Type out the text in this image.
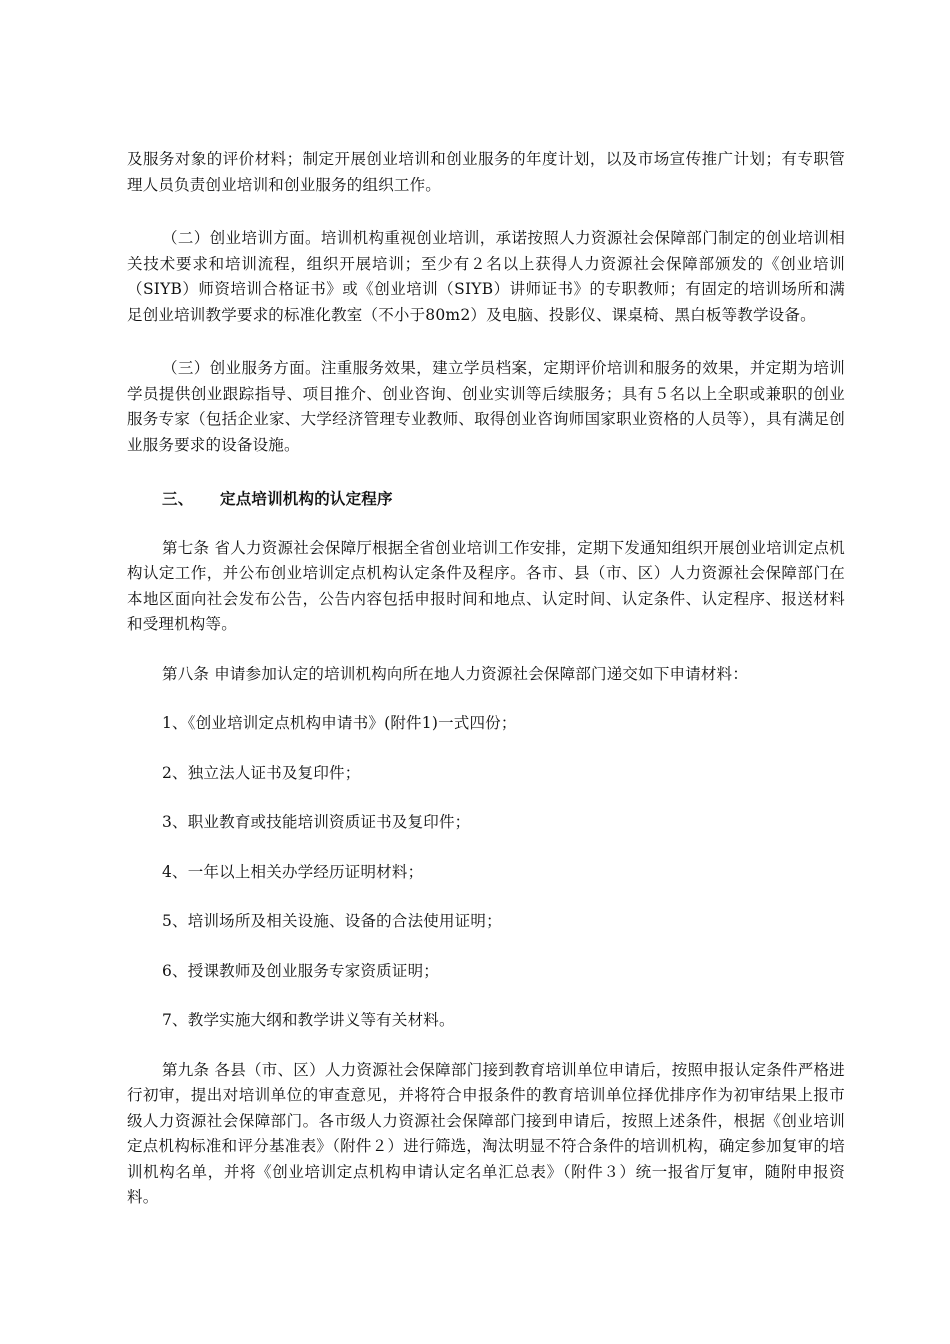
及服务对象的评价材料；制定开展创业培训和创业服务的年度计划，以及市场宣传推广计划；有专职管理人员负责创业培训和创业服务的组织工作。

（二）创业培训方面。培训机构重视创业培训，承诺按照人力资源社会保障部门制定的创业培训相关技术要求和培训流程，组织开展培训；至少有２名以上获得人力资源社会保障部颁发的《创业培训（SIYB）师资培训合格证书》或《创业培训（SIYB）讲师证书》的专职教师；有固定的培训场所和满足创业培训教学要求的标准化教室（不小于80m2）及电脑、投影仪、课桌椅、黑白板等教学设备。

（三）创业服务方面。注重服务效果，建立学员档案，定期评价培训和服务的效果，并定期为培训学员提供创业跟踪指导、项目推介、创业咨询、创业实训等后续服务；具有５名以上全职或兼职的创业服务专家（包括企业家、大学经济管理专业教师、取得创业咨询师国家职业资格的人员等），具有满足创业服务要求的设备设施。

三、	定点培训机构的认定程序

第七条 省人力资源社会保障厅根据全省创业培训工作安排，定期下发通知组织开展创业培训定点机构认定工作，并公布创业培训定点机构认定条件及程序。各市、县（市、区）人力资源社会保障部门在本地区面向社会发布公告，公告内容包括申报时间和地点、认定时间、认定条件、认定程序、报送材料和受理机构等。

第八条 申请参加认定的培训机构向所在地人力资源社会保障部门递交如下申请材料：

1、《创业培训定点机构申请书》(附件1)一式四份；

2、独立法人证书及复印件；

3、职业教育或技能培训资质证书及复印件；

4、一年以上相关办学经历证明材料；

5、培训场所及相关设施、设备的合法使用证明；

6、授课教师及创业服务专家资质证明；

7、教学实施大纲和教学讲义等有关材料。

第九条 各县（市、区）人力资源社会保障部门接到教育培训单位申请后，按照申报认定条件严格进行初审，提出对培训单位的审查意见，并将符合申报条件的教育培训单位择优排序作为初审结果上报市级人力资源社会保障部门。各市级人力资源社会保障部门接到申请后，按照上述条件，根据《创业培训定点机构标准和评分基准表》（附件２）进行筛选，淘汰明显不符合条件的培训机构，确定参加复审的培训机构名单，并将《创业培训定点机构申请认定名单汇总表》（附件３）统一报省厅复审，随附申报资料。
